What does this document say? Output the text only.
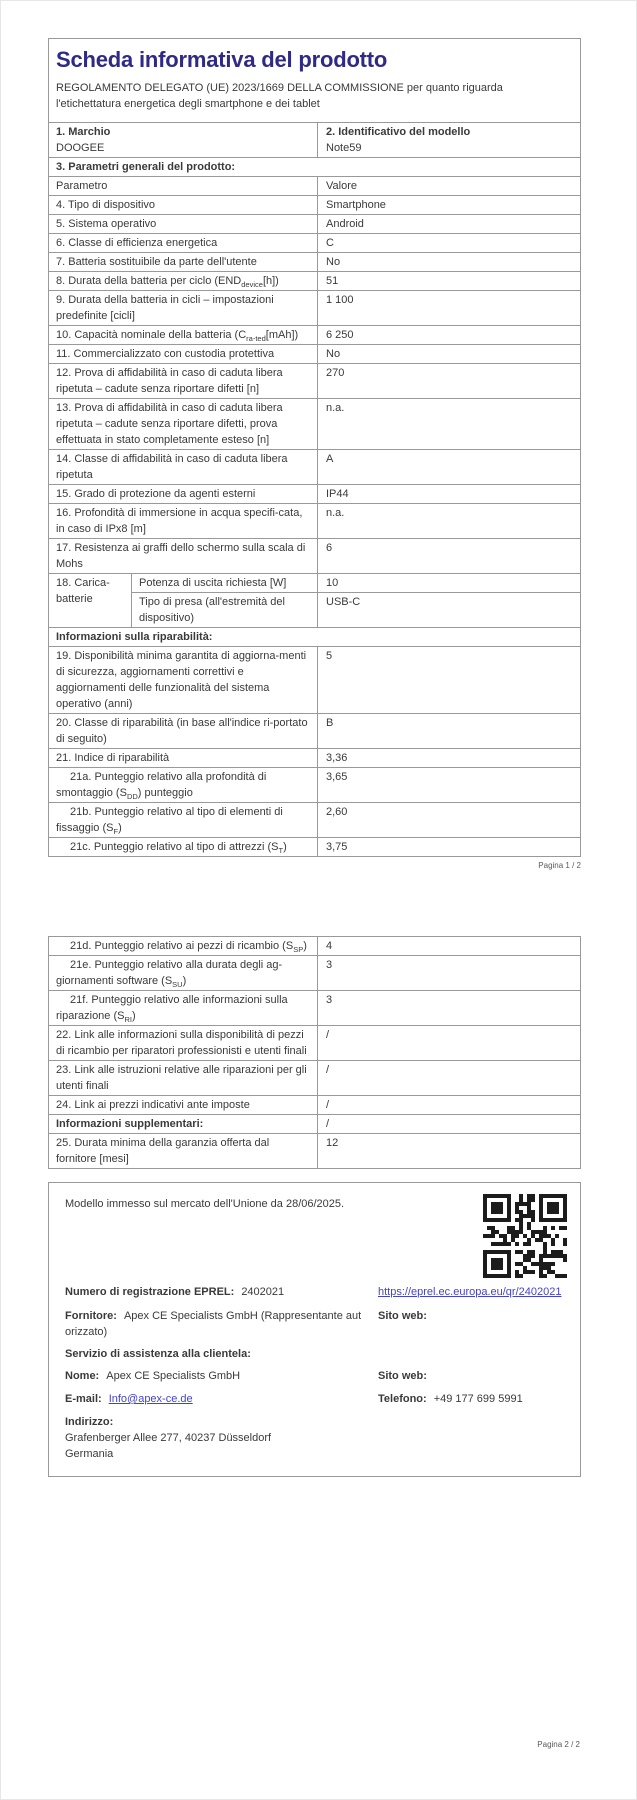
Scheda informativa del prodotto

REGOLAMENTO DELEGATO (UE) 2023/1669 DELLA COMMISSIONE per quanto riguarda l'etichettatura energetica degli smartphone e dei tablet

1. Marchio
DOOGEE

2. Identificativo del modello
Note59

3. Parametri generali del prodotto:		
Parametro		Valore
4. Tipo di dispositivo		Smartphone
5. Sistema operativo		Android
6. Classe di efficienza energetica		C
7. Batteria sostituibile da parte dell'utente		No
8. Durata della batteria per ciclo $(END_{device}[h])$		51
9. Durata della batteria in cicli – impostazioni predefinite [cicli]		1 100
10. Capacità nominale della batteria $(C_{ra-ted}[mAh])$		6 250
11. Commercializzato con custodia protettiva		No
12. Prova di affidabilità in caso di caduta libera ripetuta – cadute senza riportare difetti [n]		270
13. Prova di affidabilità in caso di caduta libera ripetuta – cadute senza riportare difetti, prova effettuata in stato completamente esteso [n]		n.a.
14. Classe di affidabilità in caso di caduta libera ripetuta		A
15. Grado di protezione da agenti esterni		IP44
16. Profondità di immersione in acqua specifi-cata, in caso di IPx8 [m]		n.a.
17. Resistenza ai graffi dello schermo sulla scala di Mohs		6
18. Carica-batterie	Potenza di uscita richiesta [W]	10
	Tipo di presa (all'estremità del dispositivo)	USB-C
Informazioni sulla riparabilità:		
19. Disponibilità minima garantita di aggiorna-menti di sicurezza, aggiornamenti correttivi e aggiornamenti delle funzionalità del sistema operativo (anni)		5
20. Classe di riparabilità (in base all'indice ri-portato di seguito)		B
21. Indice di riparabilità		3,36
21a. Punteggio relativo alla profondità di smontaggio $(S_{DD})$ punteggio		3,65
21b. Punteggio relativo al tipo di elementi di fissaggio $(S_F)$		2,60
21c. Punteggio relativo al tipo di attrezzi $(S_T)$		3,75
Pagina 1 / 2
21d. Punteggio relativo ai pezzi di ricambio $(S_{SP})$	4
21e. Punteggio relativo alla durata degli ag-giornamenti software $(S_{SU})$	3
21f. Punteggio relativo alle informazioni sulla riparazione $(S_{RI})$	3
22. Link alle informazioni sulla disponibilità di pezzi di ricambio per riparatori professionisti e utenti finali	/
23. Link alle istruzioni relative alle riparazioni per gli utenti finali	/
24. Link ai prezzi indicativi ante imposte	/
Informazioni supplementari:	/
25. Durata minima della garanzia offerta dal fornitore [mesi]	12
Modello immesso sul mercato dell'Unione da 28/06/2025.
Numero di registrazione EPREL: 2402021	https://eprel.ec.europa.eu/qr/2402021
Fornitore: Apex CE Specialists GmbH (Rappresentante autorizzato)
Sito web:
Servizio di assistenza alla clientela:
Nome: Apex CE Specialists GmbH	Sito web:
E-mail: Info@apex-ce.de	Telefono: +49 177 699 5991
Indirizzo:
Grafenberger Allee 277, 40237 Düsseldorf
Germania
Pagina 2 / 2
